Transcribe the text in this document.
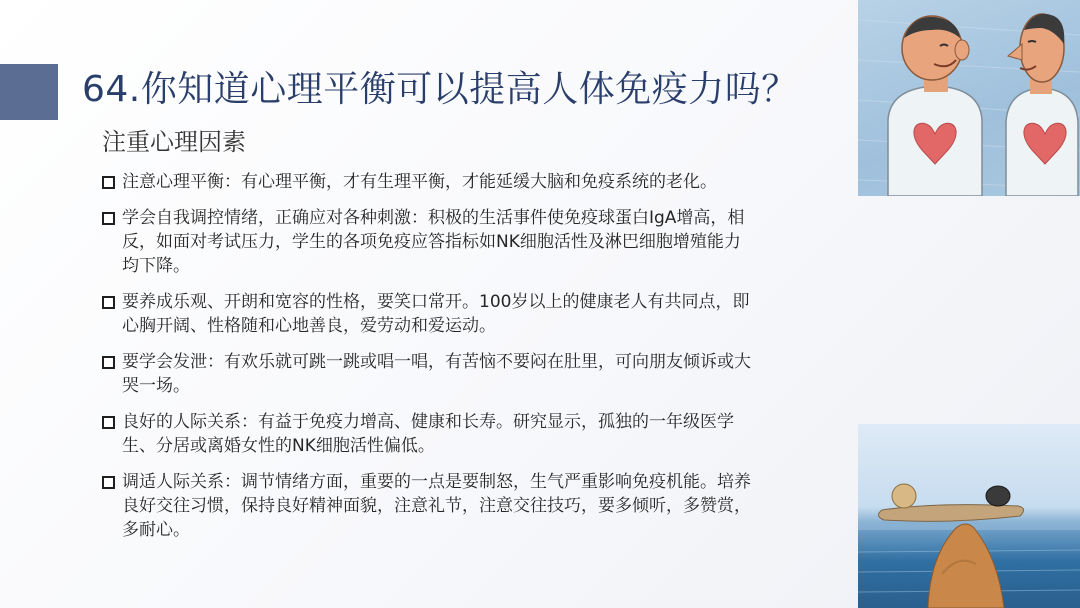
64.你知道心理平衡可以提高人体免疫力吗？
注重心理因素
注意心理平衡：有心理平衡，才有生理平衡，才能延缓大脑和免疫系统的老化。
学会自我调控情绪，正确应对各种刺激：积极的生活事件使免疫球蛋白IgA增高，相反，如面对考试压力，学生的各项免疫应答指标如NK细胞活性及淋巴细胞增殖能力均下降。
要养成乐观、开朗和宽容的性格，要笑口常开。100岁以上的健康老人有共同点，即心胸开阔、性格随和心地善良，爱劳动和爱运动。
要学会发泄：有欢乐就可跳一跳或唱一唱，有苦恼不要闷在肚里，可向朋友倾诉或大哭一场。
良好的人际关系：有益于免疫力增高、健康和长寿。研究显示，孤独的一年级医学生、分居或离婚女性的NK细胞活性偏低。
调适人际关系：调节情绪方面，重要的一点是要制怒，生气严重影响免疫机能。培养良好交往习惯，保持良好精神面貌，注意礼节，注意交往技巧，要多倾听，多赞赏，多耐心。
